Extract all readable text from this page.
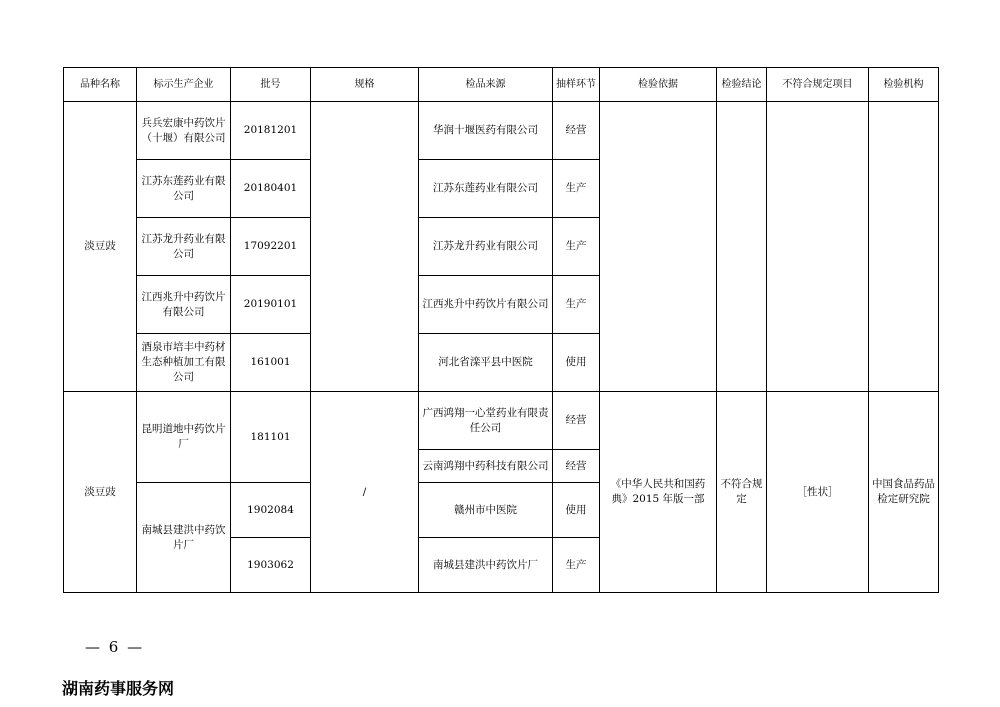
品种名称	标示生产企业	批号	规格	检品来源	抽样环节	检验依据	检验结论	不符合规定项目	检验机构
淡豆豉	兵兵宏康中药饮片（十堰）有限公司	20181201		华润十堰医药有限公司	经营				
	江苏东莲药业有限公司	20180401		江苏东莲药业有限公司	生产				
	江苏龙升药业有限公司	17092201		江苏龙升药业有限公司	生产				
	江西兆升中药饮片有限公司	20190101		江西兆升中药饮片有限公司	生产				
	酒泉市培丰中药材生态种植加工有限公司	161001		河北省滦平县中医院	使用				
淡豆豉	昆明道地中药饮片厂	181101	/	广西鸿翔一心堂药业有限责任公司	经营	《中华人民共和国药典》2015 年版一部	不符合规定	［性状］	中国食品药品检定研究院
				云南鸿翔中药科技有限公司	经营				
	南城县建洪中药饮片厂	1902084		赣州市中医院	使用				
		1903062		南城县建洪中药饮片厂	生产				
— 6 —
湖南药事服务网
